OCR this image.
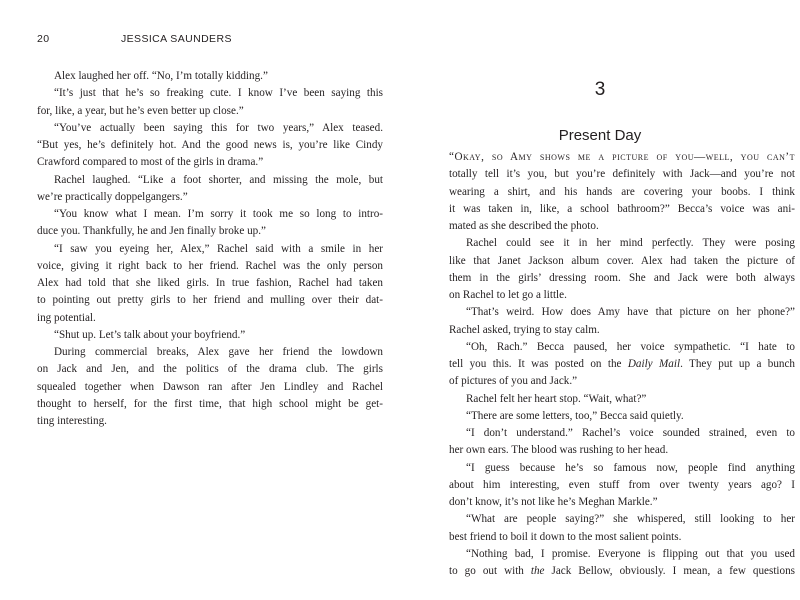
20	JESSICA SAUNDERS
Alex laughed her off. “No, I’m totally kidding.”
“It’s just that he’s so freaking cute. I know I’ve been saying this
for, like, a year, but he’s even better up close.”
“You’ve actually been saying this for two years,” Alex teased.
“But yes, he’s definitely hot. And the good news is, you’re like Cindy
Crawford compared to most of the girls in drama.”
Rachel laughed. “Like a foot shorter, and missing the mole, but
we’re practically doppelgangers.”
“You know what I mean. I’m sorry it took me so long to intro-
duce you. Thankfully, he and Jen finally broke up.”
“I saw you eyeing her, Alex,” Rachel said with a smile in her
voice, giving it right back to her friend. Rachel was the only person
Alex had told that she liked girls. In true fashion, Rachel had taken
to pointing out pretty girls to her friend and mulling over their dat-
ing potential.
“Shut up. Let’s talk about your boyfriend.”
During commercial breaks, Alex gave her friend the lowdown
on Jack and Jen, and the politics of the drama club. The girls
squealed together when Dawson ran after Jen Lindley and Rachel
thought to herself, for the first time, that high school might be get-
ting interesting.
3
Present Day
“Okay, so Amy shows me a picture of you—well, you can’t
totally tell it’s you, but you’re definitely with Jack—and you’re not
wearing a shirt, and his hands are covering your boobs. I think
it was taken in, like, a school bathroom?” Becca’s voice was ani-
mated as she described the photo.
Rachel could see it in her mind perfectly. They were posing
like that Janet Jackson album cover. Alex had taken the picture of
them in the girls’ dressing room. She and Jack were both always
on Rachel to let go a little.
“That’s weird. How does Amy have that picture on her phone?”
Rachel asked, trying to stay calm.
“Oh, Rach.” Becca paused, her voice sympathetic. “I hate to
tell you this. It was posted on the Daily Mail. They put up a bunch
of pictures of you and Jack.”
Rachel felt her heart stop. “Wait, what?”
“There are some letters, too,” Becca said quietly.
“I don’t understand.” Rachel’s voice sounded strained, even to
her own ears. The blood was rushing to her head.
“I guess because he’s so famous now, people find anything
about him interesting, even stuff from over twenty years ago? I
don’t know, it’s not like he’s Meghan Markle.”
“What are people saying?” she whispered, still looking to her
best friend to boil it down to the most salient points.
“Nothing bad, I promise. Everyone is flipping out that you used
to go out with the Jack Bellow, obviously. I mean, a few questions
